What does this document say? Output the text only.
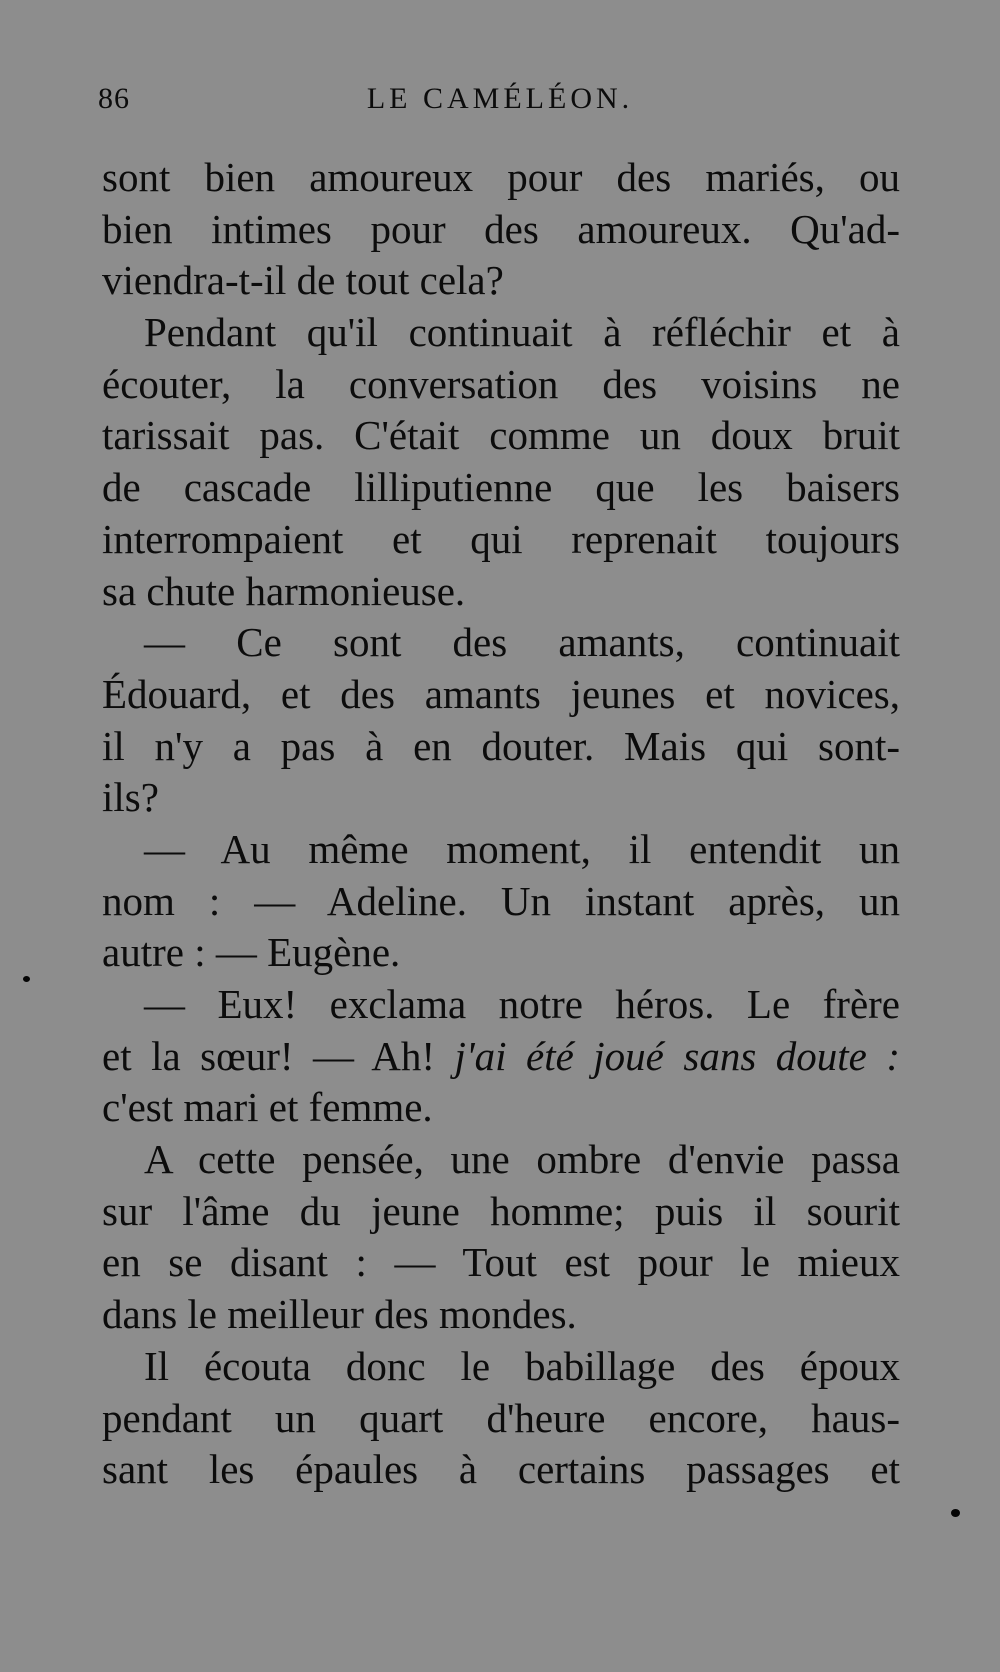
86	LE CAMÉLÉON.
sont bien amoureux pour des mariés, ou
bien intimes pour des amoureux. Qu'ad-
viendra-t-il de tout cela?
Pendant qu'il continuait à réfléchir et à
écouter, la conversation des voisins ne
tarissait pas. C'était comme un doux bruit
de cascade lilliputienne que les baisers
interrompaient et qui reprenait toujours
sa chute harmonieuse.
— Ce sont des amants, continuait
Édouard, et des amants jeunes et novices,
il n'y a pas à en douter. Mais qui sont-
ils?
— Au même moment, il entendit un
nom : — Adeline. Un instant après, un
autre : — Eugène.
— Eux! exclama notre héros. Le frère
et la sœur! — Ah! j'ai été joué sans doute :
c'est mari et femme.
A cette pensée, une ombre d'envie passa
sur l'âme du jeune homme; puis il sourit
en se disant : — Tout est pour le mieux
dans le meilleur des mondes.
Il écouta donc le babillage des époux
pendant un quart d'heure encore, haus-
sant les épaules à certains passages et
